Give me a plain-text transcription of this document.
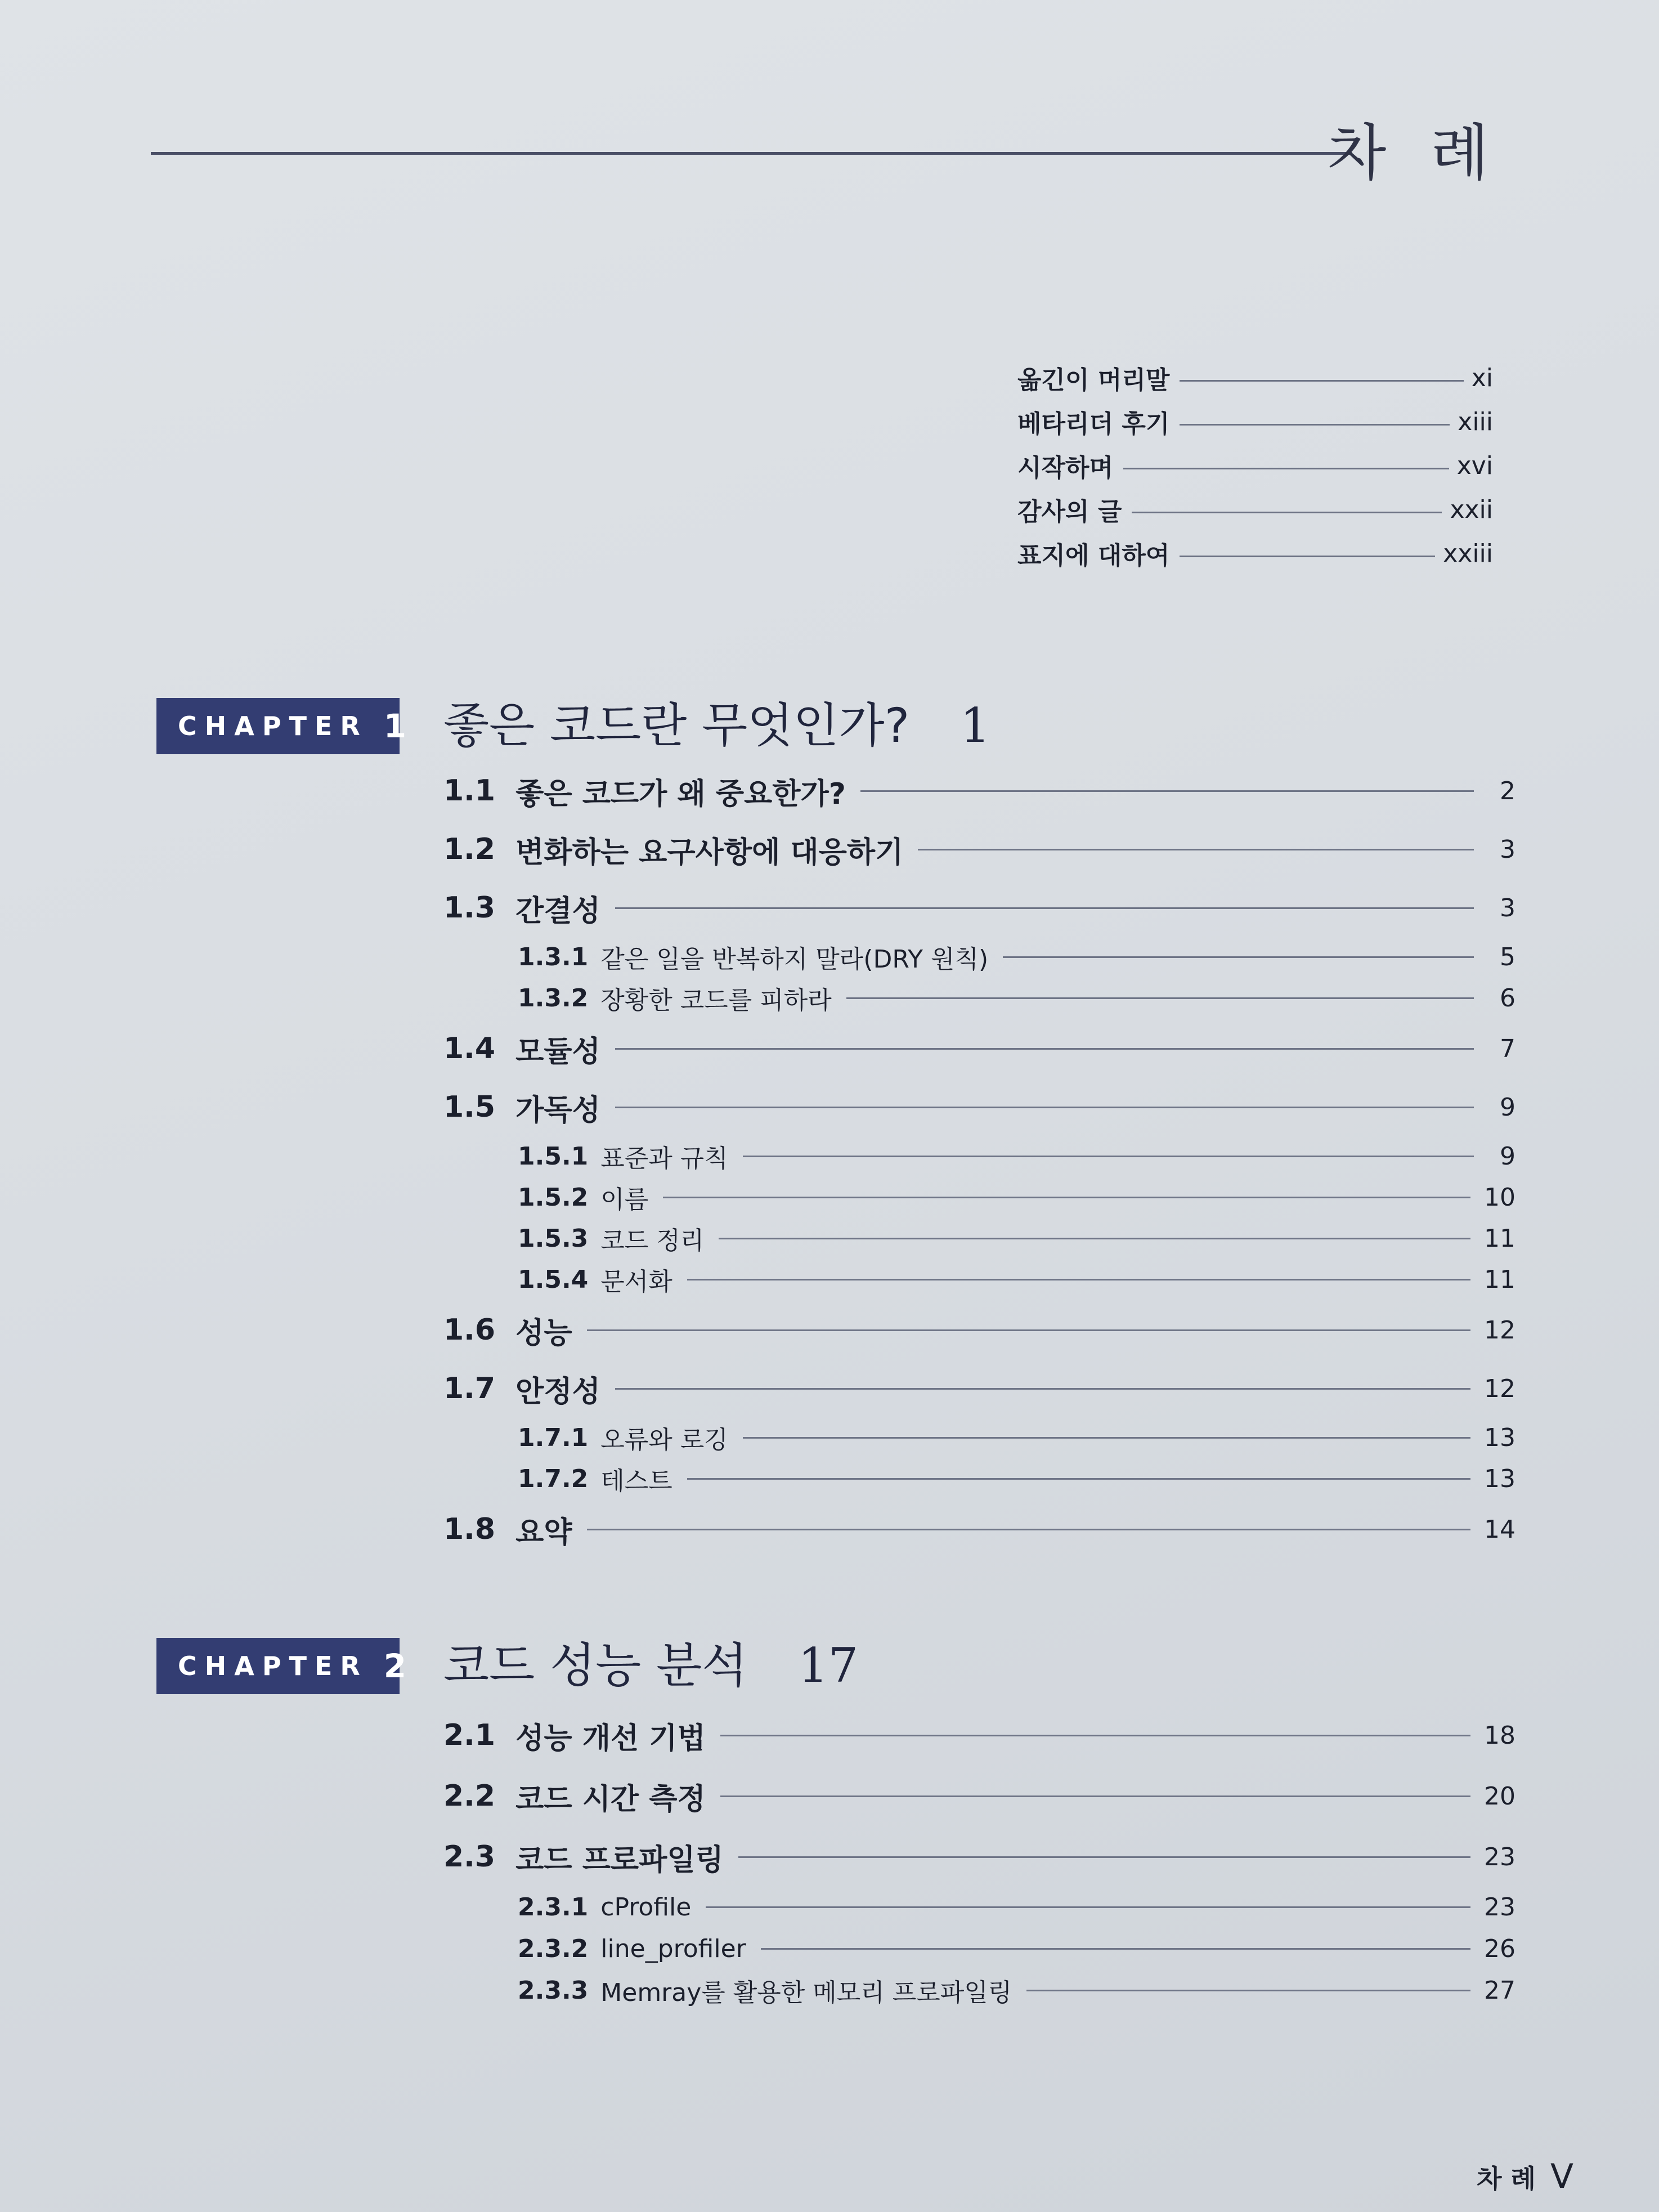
차 례
옮긴이 머리말	xi
베타리더 후기	xiii
시작하며	xvi
감사의 글	xxii
표지에 대하여	xxiii
CHAPTER 1 좋은 코드란 무엇인가? 1
1.1 좋은 코드가 왜 중요한가?	2
1.2 변화하는 요구사항에 대응하기	3
1.3 간결성	3
1.3.1 같은 일을 반복하지 말라(DRY 원칙)	5
1.3.2 장황한 코드를 피하라	6
1.4 모듈성	7
1.5 가독성	9
1.5.1 표준과 규칙	9
1.5.2 이름	10
1.5.3 코드 정리	11
1.5.4 문서화	11
1.6 성능	12
1.7 안정성	12
1.7.1 오류와 로깅	13
1.7.2 테스트	13
1.8 요약	14
CHAPTER 2 코드 성능 분석 17
2.1 성능 개선 기법	18
2.2 코드 시간 측정	20
2.3 코드 프로파일링	23
2.3.1 cProfile	23
2.3.2 line_profiler	26
2.3.3 Memray를 활용한 메모리 프로파일링	27
차 례 V
